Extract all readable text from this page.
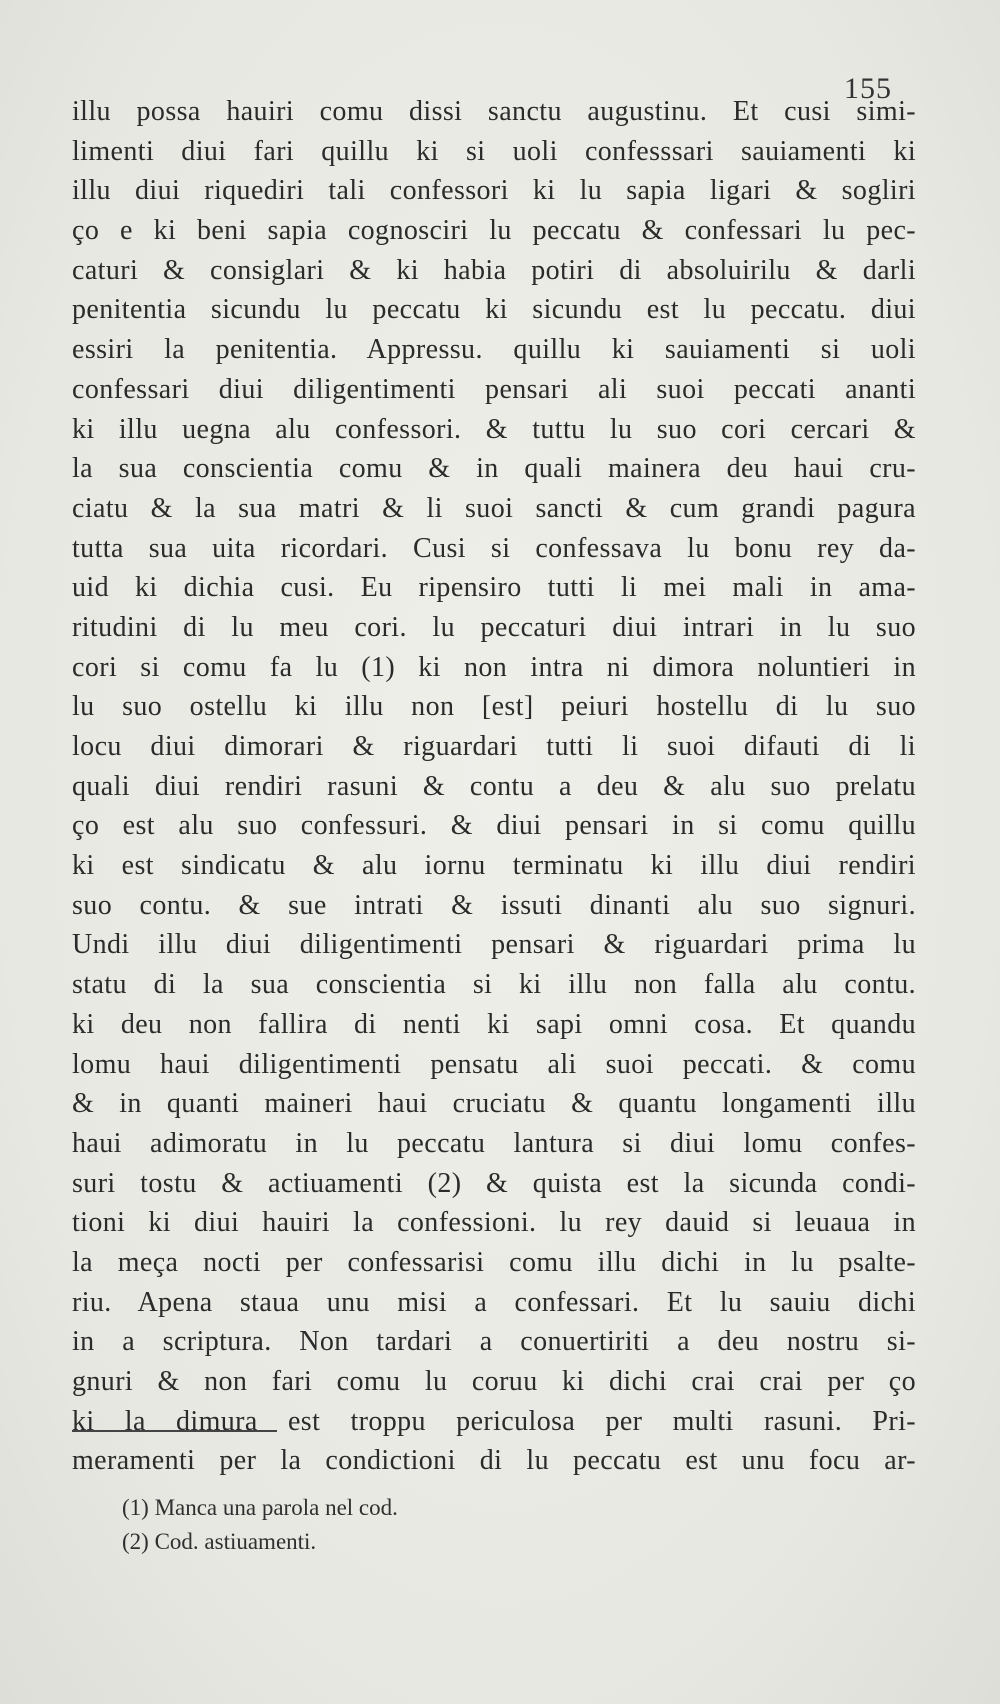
155
illu possa hauiri comu dissi sanctu augustinu. Et cusi simi-
limenti diui fari quillu ki si uoli confesssari sauiamenti ki
illu diui riquediri tali confessori ki lu sapia ligari & sogliri
ço e ki beni sapia cognosciri lu peccatu & confessari lu pec-
caturi & consiglari & ki habia potiri di absoluirilu & darli
penitentia sicundu lu peccatu ki sicundu est lu peccatu. diui
essiri la penitentia. Appressu. quillu ki sauiamenti si uoli
confessari diui diligentimenti pensari ali suoi peccati ananti
ki illu uegna alu confessori. & tuttu lu suo cori cercari &
la sua conscientia comu & in quali mainera deu haui cru-
ciatu & la sua matri & li suoi sancti & cum grandi pagura
tutta sua uita ricordari. Cusi si confessava lu bonu rey da-
uid ki dichia cusi. Eu ripensiro tutti li mei mali in ama-
ritudini di lu meu cori. lu peccaturi diui intrari in lu suo
cori si comu fa lu (1) ki non intra ni dimora noluntieri in
lu suo ostellu ki illu non [est] peiuri hostellu di lu suo
locu diui dimorari & riguardari tutti li suoi difauti di li
quali diui rendiri rasuni & contu a deu & alu suo prelatu
ço est alu suo confessuri. & diui pensari in si comu quillu
ki est sindicatu & alu iornu terminatu ki illu diui rendiri
suo contu. & sue intrati & issuti dinanti alu suo signuri.
Undi illu diui diligentimenti pensari & riguardari prima lu
statu di la sua conscientia si ki illu non falla alu contu.
ki deu non fallira di nenti ki sapi omni cosa. Et quandu
lomu haui diligentimenti pensatu ali suoi peccati. & comu
& in quanti maineri haui cruciatu & quantu longamenti illu
haui adimoratu in lu peccatu lantura si diui lomu confes-
suri tostu & actiuamenti (2) & quista est la sicunda condi-
tioni ki diui hauiri la confessioni. lu rey dauid si leuaua in
la meça nocti per confessarisi comu illu dichi in lu psalte-
riu. Apena staua unu misi a confessari. Et lu sauiu dichi
in a scriptura. Non tardari a conuertiriti a deu nostru si-
gnuri & non fari comu lu coruu ki dichi crai crai per ço
ki la dimura est troppu periculosa per multi rasuni. Pri-
meramenti per la condictioni di lu peccatu est unu focu ar-
(1) Manca una parola nel cod.
(2) Cod. astiuamenti.
